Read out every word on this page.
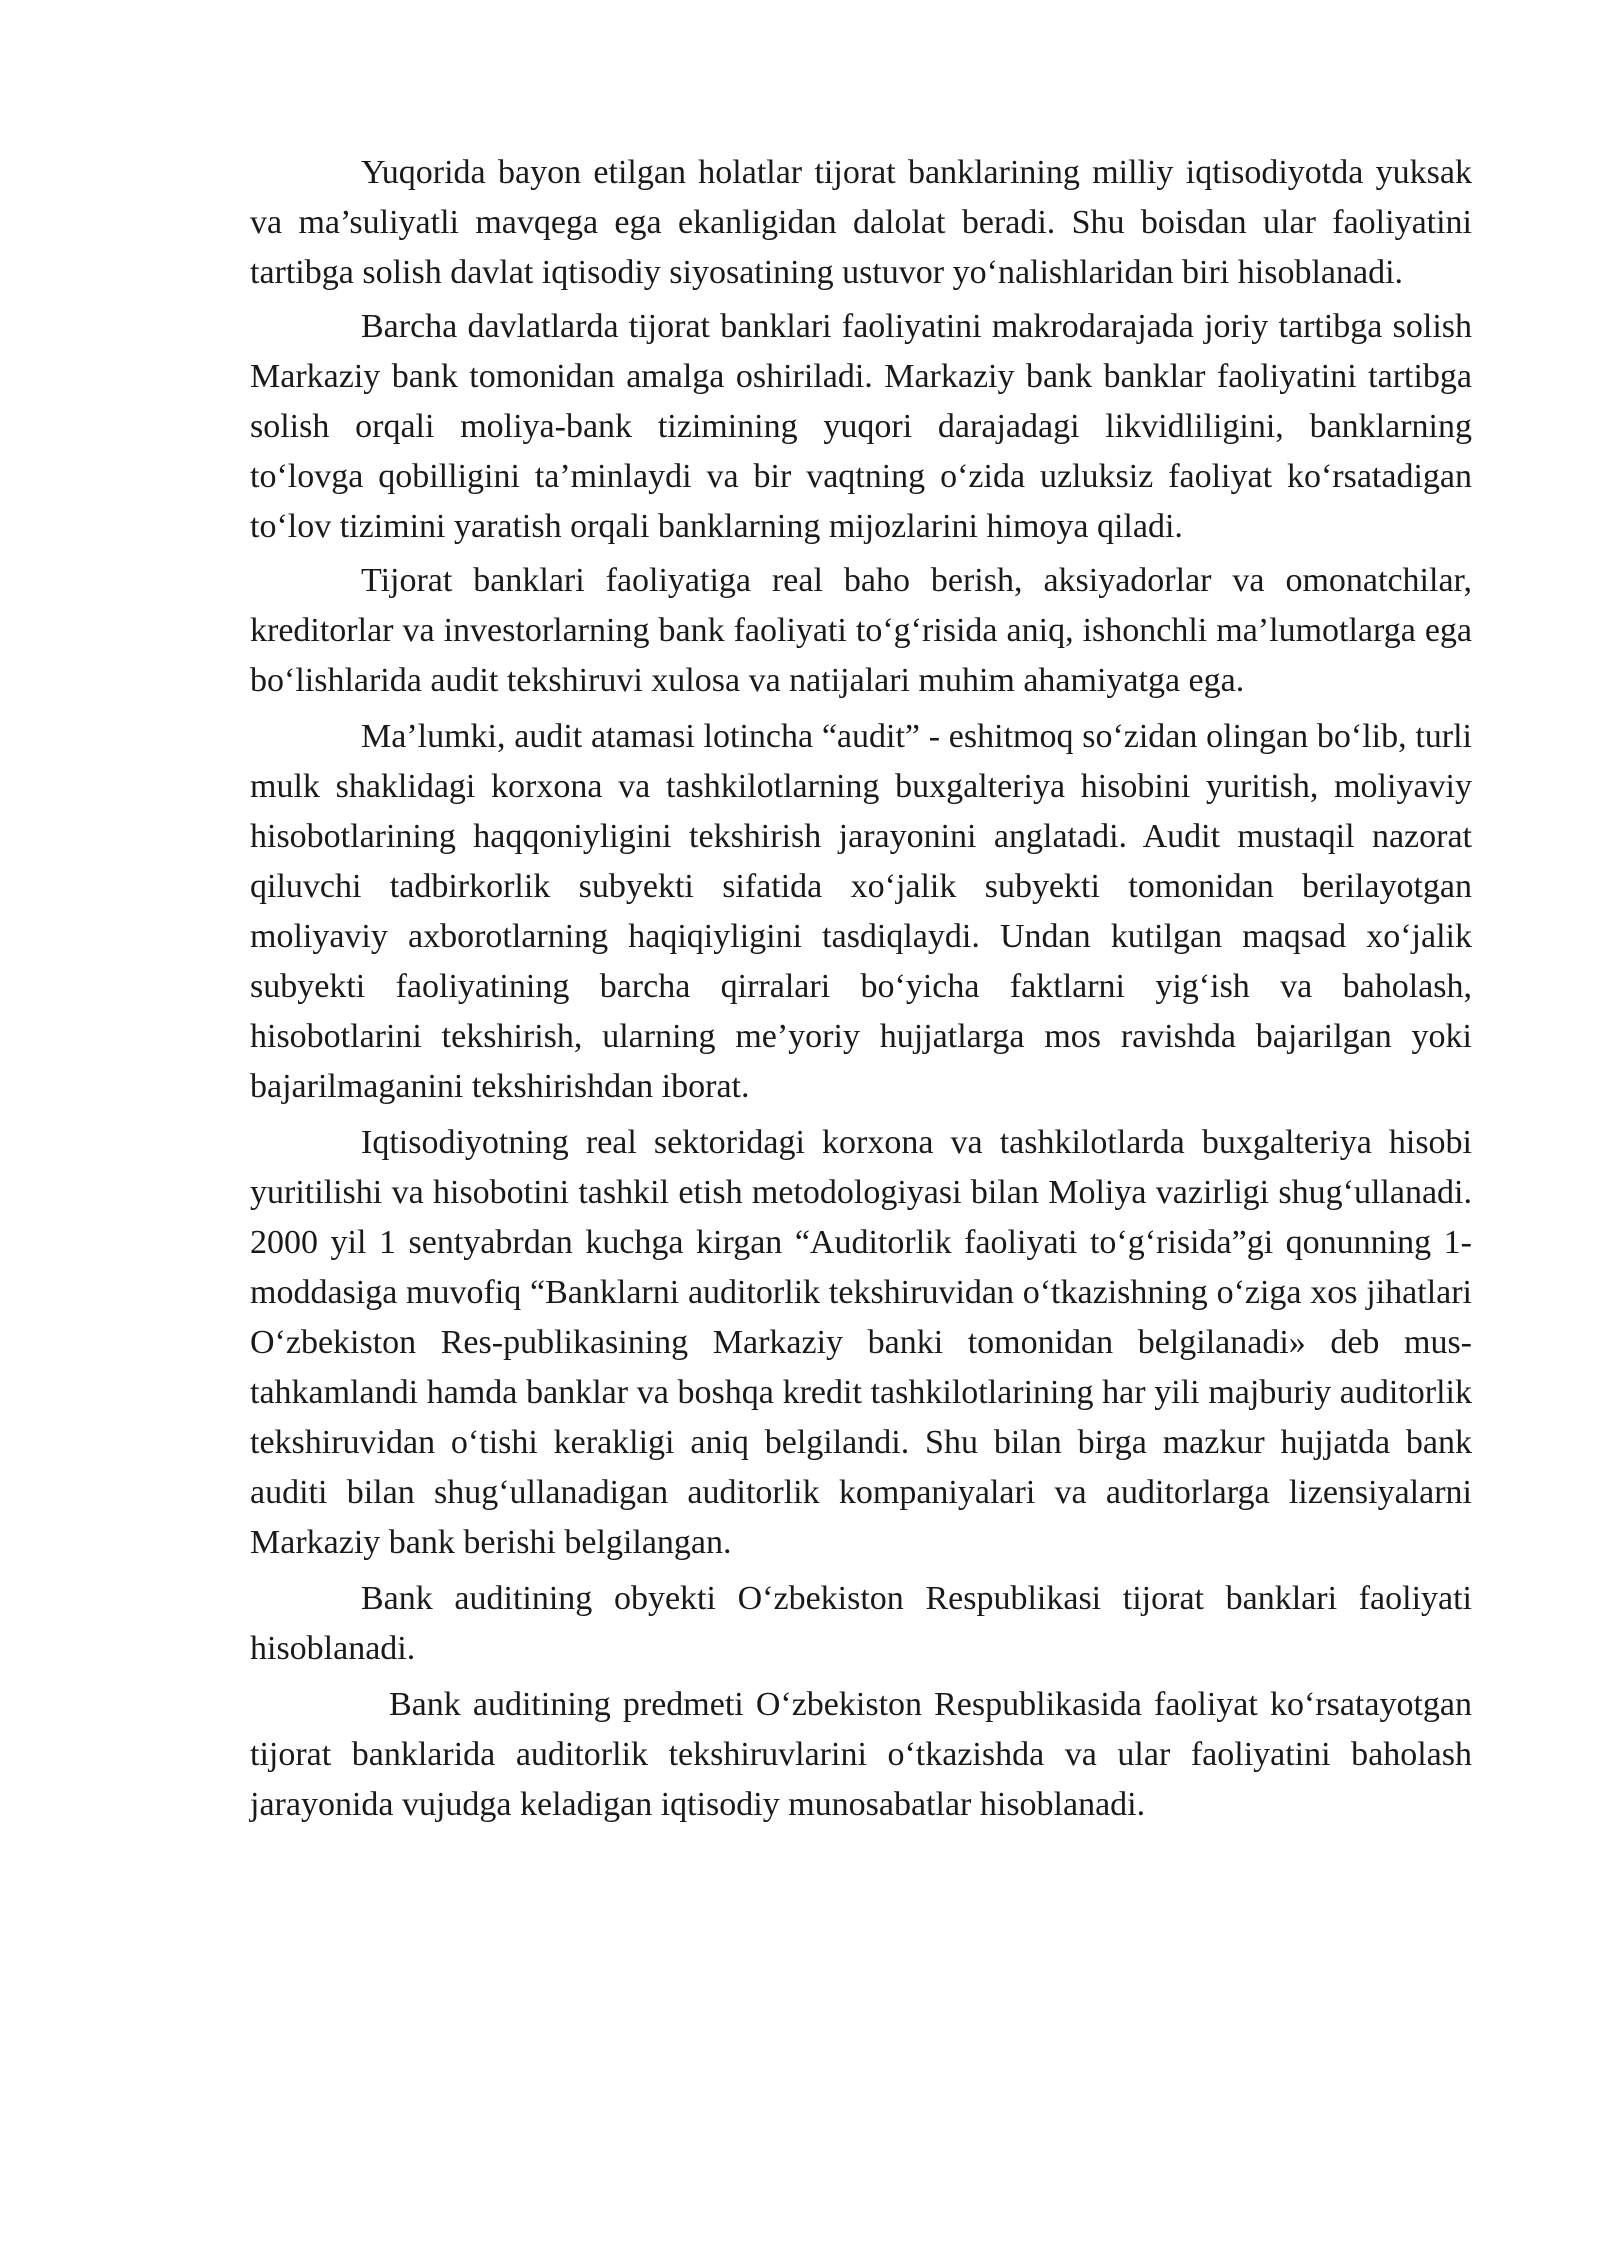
Yuqorida bayon etilgan holatlar tijorat banklarining milliy iqtisodiyotda yuksak va ma’suliyatli mavqega ega ekanligidan dalolat beradi. Shu boisdan ular faoliyatini tartibga solish davlat iqtisodiy siyosatining ustuvor yo‘nalishlaridan biri hisoblanadi.

Barcha davlatlarda tijorat banklari faoliyatini makrodarajada joriy tartibga solish Markaziy bank tomonidan amalga oshiriladi. Markaziy bank banklar faoliyatini tartibga solish orqali moliya-bank tizimining yuqori darajadagi likvidliligini, banklarning to‘lovga qobilligini ta’minlaydi va bir vaqtning o‘zida uzluksiz faoliyat ko‘rsatadigan to‘lov tizimini yaratish orqali banklarning mijozlarini himoya qiladi.

Tijorat banklari faoliyatiga real baho berish, aksiyadorlar va omonatchilar, kreditorlar va investorlarning bank faoliyati to‘g‘risida aniq, ishonchli ma’lumotlarga ega bo‘lishlarida audit tekshiruvi xulosa va natijalari muhim ahamiyatga ega.

Ma’lumki, audit atamasi lotincha “audit” - eshitmoq so‘zidan olingan bo‘lib, turli mulk shaklidagi korxona va tashkilotlarning buxgalteriya hisobini yuritish, moliyaviy hisobotlarining haqqoniyligini tekshirish jarayonini anglatadi. Audit mustaqil nazorat qiluvchi tadbirkorlik subyekti sifatida xo‘jalik subyekti tomonidan berilayotgan moliyaviy axborotlarning haqiqiyligini tasdiqlaydi. Undan kutilgan maqsad xo‘jalik subyekti faoliyatining barcha qirralari bo‘yicha faktlarni yig‘ish va baholash, hisobotlarini tekshirish, ularning me’yoriy hujjatlarga mos ravishda bajarilgan yoki bajarilmaganini tekshirishdan iborat.

Iqtisodiyotning real sektoridagi korxona va tashkilotlarda buxgalteriya hisobi yuritilishi va hisobotini tashkil etish metodologiyasi bilan Moliya vazirligi shug‘ullanadi. 2000 yil 1 sentyabrdan kuchga kirgan “Auditorlik faoliyati to‘g‘risida”gi qonunning 1-moddasiga muvofiq “Banklarni auditorlik tekshiruvidan o‘tkazishning o‘ziga xos jihatlari O‘zbekiston Res-publikasining Markaziy banki tomonidan belgilanadi» deb mus-tahkamlandi hamda banklar va boshqa kredit tashkilotlarining har yili majburiy auditorlik tekshiruvidan o‘tishi kerakligi aniq belgilandi. Shu bilan birga mazkur hujjatda bank auditi bilan shug‘ullanadigan auditorlik kompaniyalari va auditorlarga lizensiyalarni Markaziy bank berishi belgilangan.

Bank auditining obyekti O‘zbekiston Respublikasi tijorat banklari faoliyati hisoblanadi.

Bank auditining predmeti O‘zbekiston Respublikasida faoliyat ko‘rsatayotgan tijorat banklarida auditorlik tekshiruvlarini o‘tkazishda va ular faoliyatini baholash jarayonida vujudga keladigan iqtisodiy munosabatlar hisoblanadi.
